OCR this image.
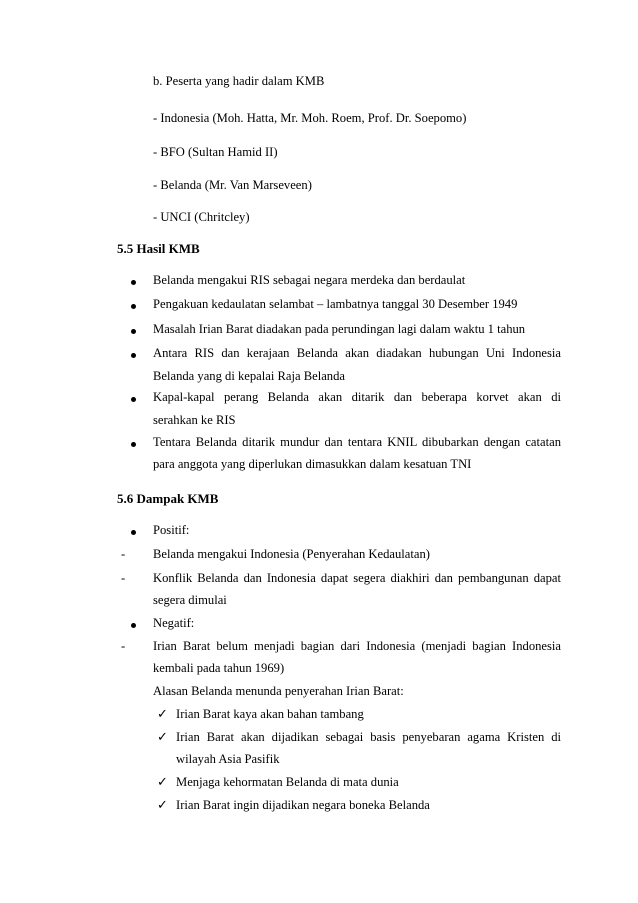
b. Peserta yang hadir dalam KMB
- Indonesia (Moh. Hatta, Mr. Moh. Roem, Prof. Dr. Soepomo)
- BFO (Sultan Hamid II)
- Belanda (Mr. Van Marseveen)
- UNCI (Chritcley)
5.5 Hasil KMB
Belanda mengakui RIS sebagai negara merdeka dan berdaulat
Pengakuan kedaulatan selambat – lambatnya tanggal 30 Desember 1949
Masalah Irian Barat diadakan pada perundingan lagi dalam waktu 1 tahun
Antara RIS dan kerajaan Belanda akan diadakan hubungan Uni Indonesia
Belanda yang di kepalai Raja Belanda
Kapal-kapal perang Belanda akan ditarik dan beberapa korvet akan di
serahkan ke RIS
Tentara Belanda ditarik mundur dan tentara KNIL dibubarkan dengan catatan
para anggota yang diperlukan dimasukkan dalam kesatuan TNI
5.6 Dampak KMB
Positif:
- Belanda mengakui Indonesia (Penyerahan Kedaulatan)
- Konflik Belanda dan Indonesia dapat segera diakhiri dan pembangunan dapat
segera dimulai
Negatif:
- Irian Barat belum menjadi bagian dari Indonesia (menjadi bagian Indonesia
kembali pada tahun 1969)
Alasan Belanda menunda penyerahan Irian Barat:
✓ Irian Barat kaya akan bahan tambang
✓ Irian Barat akan dijadikan sebagai basis penyebaran agama Kristen di
wilayah Asia Pasifik
✓ Menjaga kehormatan Belanda di mata dunia
✓ Irian Barat ingin dijadikan negara boneka Belanda
